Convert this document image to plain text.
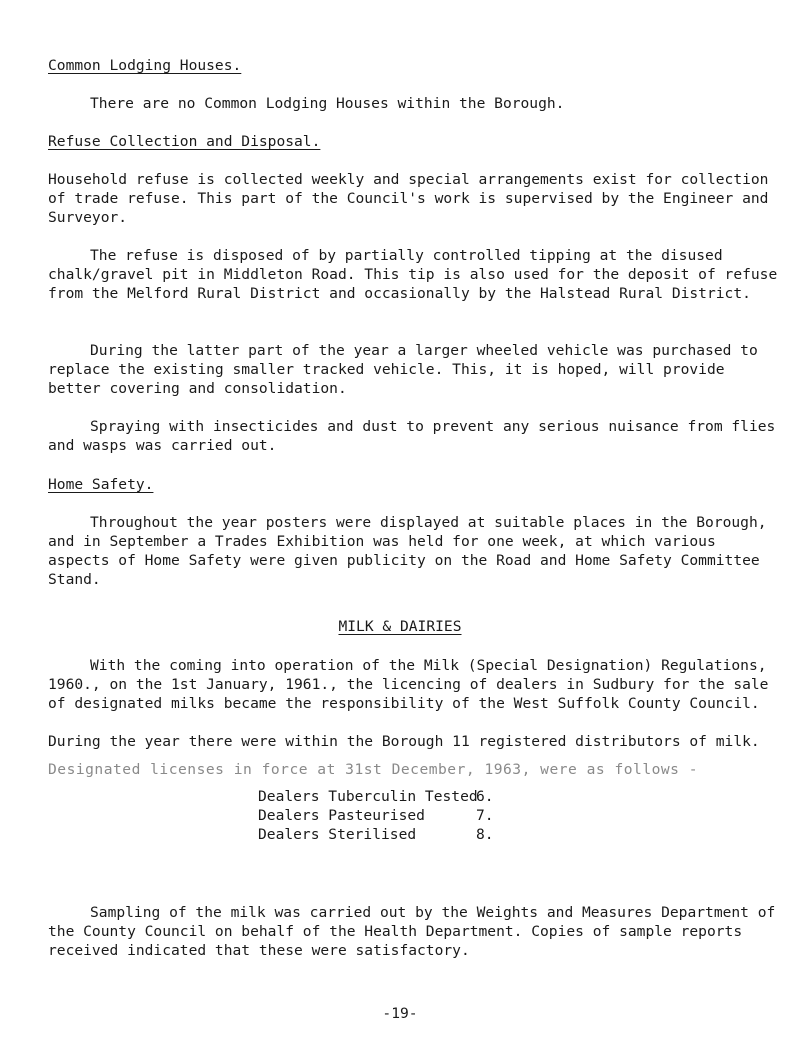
Common Lodging Houses.

There are no Common Lodging Houses within the Borough.

Refuse Collection and Disposal.

Household refuse is collected weekly and special arrangements exist for collection of trade refuse. This part of the Council's work is supervised by the Engineer and Surveyor.

The refuse is disposed of by partially controlled tipping at the disused chalk/gravel pit in Middleton Road. This tip is also used for the deposit of refuse from the Melford Rural District and occasionally by the Halstead Rural District.

During the latter part of the year a larger wheeled vehicle was purchased to replace the existing smaller tracked vehicle. This, it is hoped, will provide better covering and consolidation.

Spraying with insecticides and dust to prevent any serious nuisance from flies and wasps was carried out.

Home Safety.

Throughout the year posters were displayed at suitable places in the Borough, and in September a Trades Exhibition was held for one week, at which various aspects of Home Safety were given publicity on the Road and Home Safety Committee Stand.

MILK & DAIRIES

With the coming into operation of the Milk (Special Designation) Regulations, 1960., on the 1st January, 1961., the licencing of dealers in Sudbury for the sale of designated milks became the responsibility of the West Suffolk County Council.

During the year there were within the Borough 11 registered distributors of milk.

Designated licenses in force at 31st December, 1963, were as follows -

Dealers Tuberculin Tested
6.
Dealers Pasteurised	7.
Dealers Sterilised	8.

Sampling of the milk was carried out by the Weights and Measures Department of the County Council on behalf of the Health Department. Copies of sample reports received indicated that these were satisfactory.

-19-
